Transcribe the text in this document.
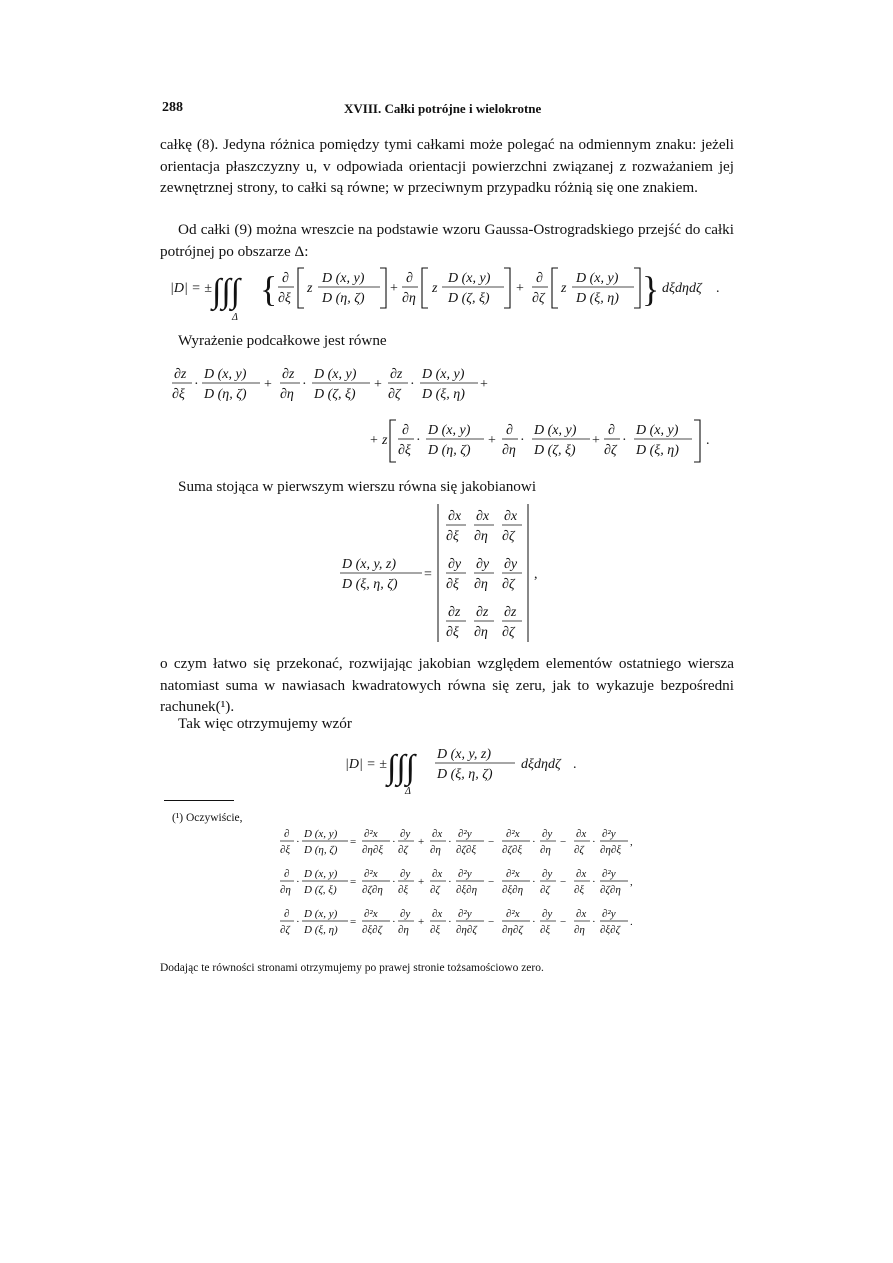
288	XVIII. Całki potrójne i wielokrotne
całkę (8). Jedyna różnica pomiędzy tymi całkami może polegać na odmiennym znaku: jeżeli orientacja płaszczyzny u, v odpowiada orientacji powierzchni związanej z rozważaniem jej zewnętrznej strony, to całki są równe; w przeciwnym przypadku różnią się one znakiem.
Od całki (9) można wreszcie na podstawie wzoru Gaussa-Ostrogradskiego przejść do całki potrójnej po obszarze Δ:
|D| = ± ∫∫∫
Δ
{ ∂
∂ξ
z
D (x, y)
D (η, ζ)
+
∂
∂η
z
D (x, y)
D (ζ, ξ)
+
∂
∂ζ
z
D (x, y)
D (ξ, η) } dξdηdζ .
Wyrażenie podcałkowe jest równe
∂z
∂ξ
·
D (x, y)
D (η, ζ)
+
∂z
∂η
·
D (x, y)
D (ζ, ξ)
+
∂z
∂ζ
·
D (x, y)
D (ξ, η)
+
+ z
∂
∂ξ
·
D (x, y)
D (η, ζ)
+
∂
∂η
·
D (x, y)
D (ζ, ξ)
+
∂
∂ζ
·
D (x, y)
D (ξ, η)
.
Suma stojąca w pierwszym wierszu równa się jakobianowi
D (x, y, z)
D (ξ, η, ζ)
=
∂x
∂ξ
∂x
∂η
∂x
∂ζ
∂y
∂ξ
∂y
∂η
∂y
∂ζ
,
∂z
∂ξ
∂z
∂η
∂z
∂ζ
o czym łatwo się przekonać, rozwijając jakobian względem elementów ostatniego wiersza natomiast suma w nawiasach kwadratowych równa się zeru, jak to wykazuje bezpośredni rachunek(¹).
Tak więc otrzymujemy wzór
|D| = ± ∫∫∫
Δ
D (x, y, z)
D (ξ, η, ζ)
dξdηdζ .
(¹) Oczywiście,
∂
∂ξ
·
D (x, y)
D (η, ζ)
=
∂²x
∂η∂ξ
·
∂y
∂ζ
+
∂x
∂η
·
∂²y
∂ζ∂ξ
−
∂²x
∂ζ∂ξ
·
∂y
∂η
−
∂x
∂ζ
·
∂²y
∂η∂ξ
,
∂
∂η
·
D (x, y)
D (ζ, ξ)
=
∂²x
∂ζ∂η
·
∂y
∂ξ
+
∂x
∂ζ
·
∂²y
∂ξ∂η
−
∂²x
∂ξ∂η
·
∂y
∂ζ
−
∂x
∂ξ
·
∂²y
∂ζ∂η
,
∂
∂ζ
·
D (x, y)
D (ξ, η)
=
∂²x
∂ξ∂ζ
·
∂y
∂η
+
∂x
∂ξ
·
∂²y
∂η∂ζ
−
∂²x
∂η∂ζ
·
∂y
∂ξ
−
∂x
∂η
·
∂²y
∂ξ∂ζ
.
Dodając te równości stronami otrzymujemy po prawej stronie tożsamościowo zero.
